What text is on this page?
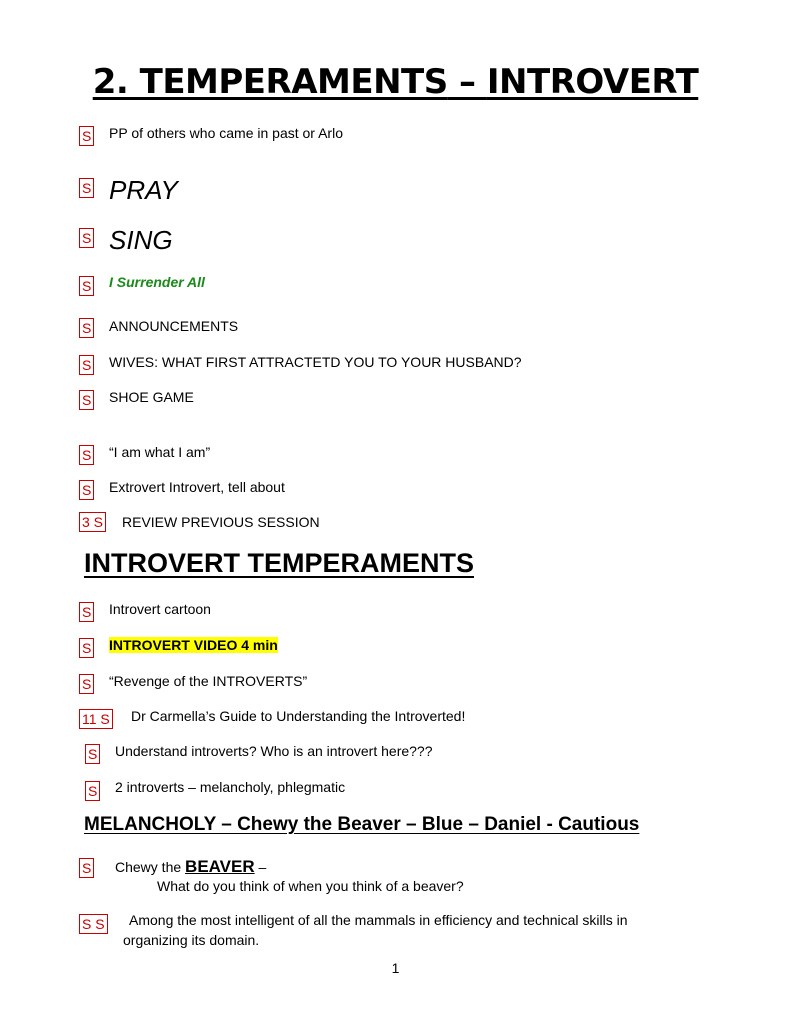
2. TEMPERAMENTS – INTROVERT
S PP of others who came in past or Arlo
S PRAY
S SING
S I Surrender All
S ANNOUNCEMENTS
S WIVES: WHAT FIRST ATTRACTETD YOU TO YOUR HUSBAND?
S SHOE GAME
S “I am what I am”
S Extrovert Introvert, tell about
3 S REVIEW PREVIOUS SESSION
INTROVERT TEMPERAMENTS
S Introvert cartoon
S INTROVERT VIDEO 4 min
S “Revenge of the INTROVERTS”
11 S Dr Carmella’s Guide to Understanding the Introverted!
S Understand introverts? Who is an introvert here???
S 2 introverts – melancholy, phlegmatic
MELANCHOLY – Chewy the Beaver – Blue – Daniel - Cautious
S Chewy the BEAVER –
What do you think of when you think of a beaver?
S S Among the most intelligent of all the mammals in efficiency and technical skills in
organizing its domain.
1
